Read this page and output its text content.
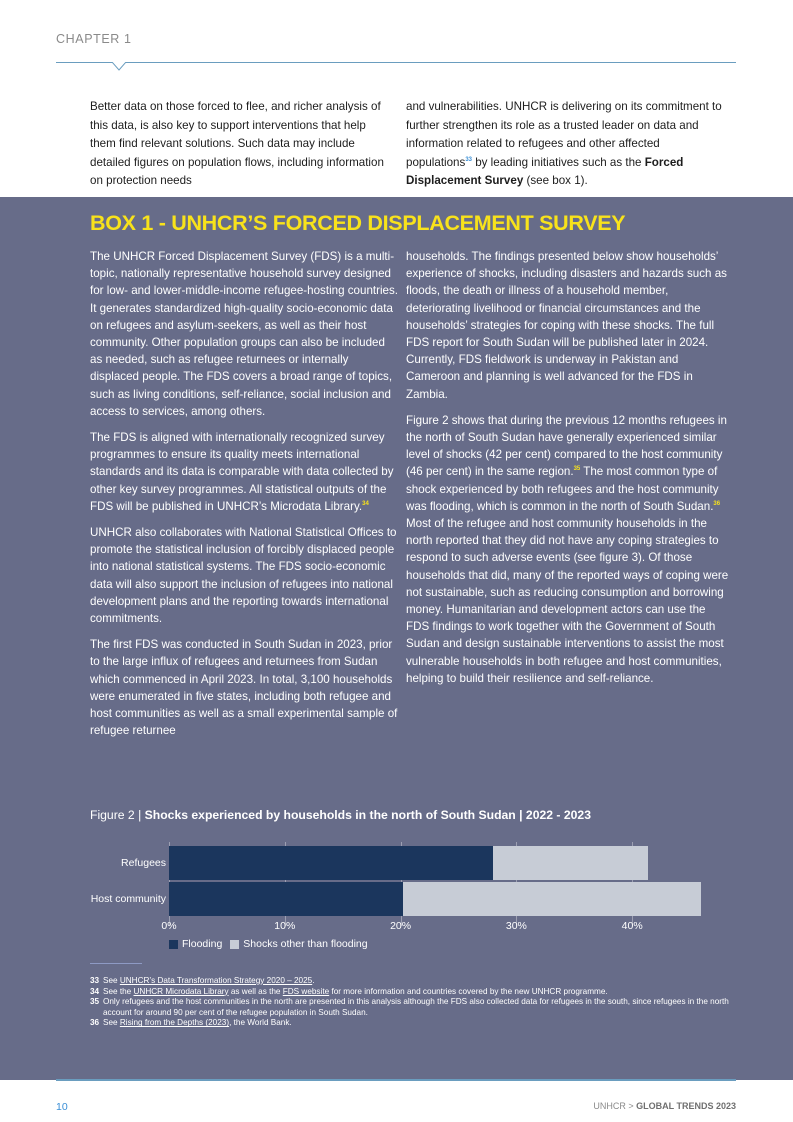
CHAPTER 1
Better data on those forced to flee, and richer analysis of this data, is also key to support interventions that help them find relevant solutions. Such data may include detailed figures on population flows, including information on protection needs
and vulnerabilities. UNHCR is delivering on its commitment to further strengthen its role as a trusted leader on data and information related to refugees and other affected populations$^{33}$ by leading initiatives such as the Forced Displacement Survey (see box 1).
BOX 1 - UNHCR’S FORCED DISPLACEMENT SURVEY

The UNHCR Forced Displacement Survey (FDS) is a multi-topic, nationally representative household survey designed for low- and lower-middle-income refugee-hosting countries. It generates standardized high-quality socio-economic data on refugees and asylum-seekers, as well as their host community. Other population groups can also be included as needed, such as refugee returnees or internally displaced people. The FDS covers a broad range of topics, such as living conditions, self-reliance, social inclusion and access to services, among others.

The FDS is aligned with internationally recognized survey programmes to ensure its quality meets international standards and its data is comparable with data collected by other key survey programmes. All statistical outputs of the FDS will be published in UNHCR’s Microdata Library.$^{34}$

UNHCR also collaborates with National Statistical Offices to promote the statistical inclusion of forcibly displaced people into national statistical systems. The FDS socio-economic data will also support the inclusion of refugees into national development plans and the reporting towards international commitments.

The first FDS was conducted in South Sudan in 2023, prior to the large influx of refugees and returnees from Sudan which commenced in April 2023. In total, 3,100 households were enumerated in five states, including both refugee and host communities as well as a small experimental sample of refugee returnee

households. The findings presented below show households’ experience of shocks, including disasters and hazards such as floods, the death or illness of a household member, deteriorating livelihood or financial circumstances and the households’ strategies for coping with these shocks. The full FDS report for South Sudan will be published later in 2024. Currently, FDS fieldwork is underway in Pakistan and Cameroon and planning is well advanced for the FDS in Zambia.

Figure 2 shows that during the previous 12 months refugees in the north of South Sudan have generally experienced similar level of shocks (42 per cent) compared to the host community (46 per cent) in the same region.$^{35}$ The most common type of shock experienced by both refugees and the host community was flooding, which is common in the north of South Sudan.$^{36}$ Most of the refugee and host community households in the north reported that they did not have any coping strategies to respond to such adverse events (see figure 3). Of those households that did, many of the reported ways of coping were not sustainable, such as reducing consumption and borrowing money. Humanitarian and development actors can use the FDS findings to work together with the Government of South Sudan and design sustainable interventions to assist the most vulnerable households in both refugee and host communities, helping to build their resilience and self-reliance.

Figure 2 | Shocks experienced by households in the north of South Sudan | 2022 - 2023
Flooding Shocks other than flooding
0%	10%	20%	30%	40%
Refugees
Host community
33 See UNHCR’s Data Transformation Strategy 2020 – 2025.
34 See the UNHCR Microdata Library as well as the FDS website for more information and countries covered by the new UNHCR programme.
35 Only refugees and the host communities in the north are presented in this analysis although the FDS also collected data for refugees in the south, since refugees in the north account for around 90 per cent of the refugee population in South Sudan.
36 See Rising from the Depths (2023), the World Bank.
10	UNHCR > GLOBAL TRENDS 2023
